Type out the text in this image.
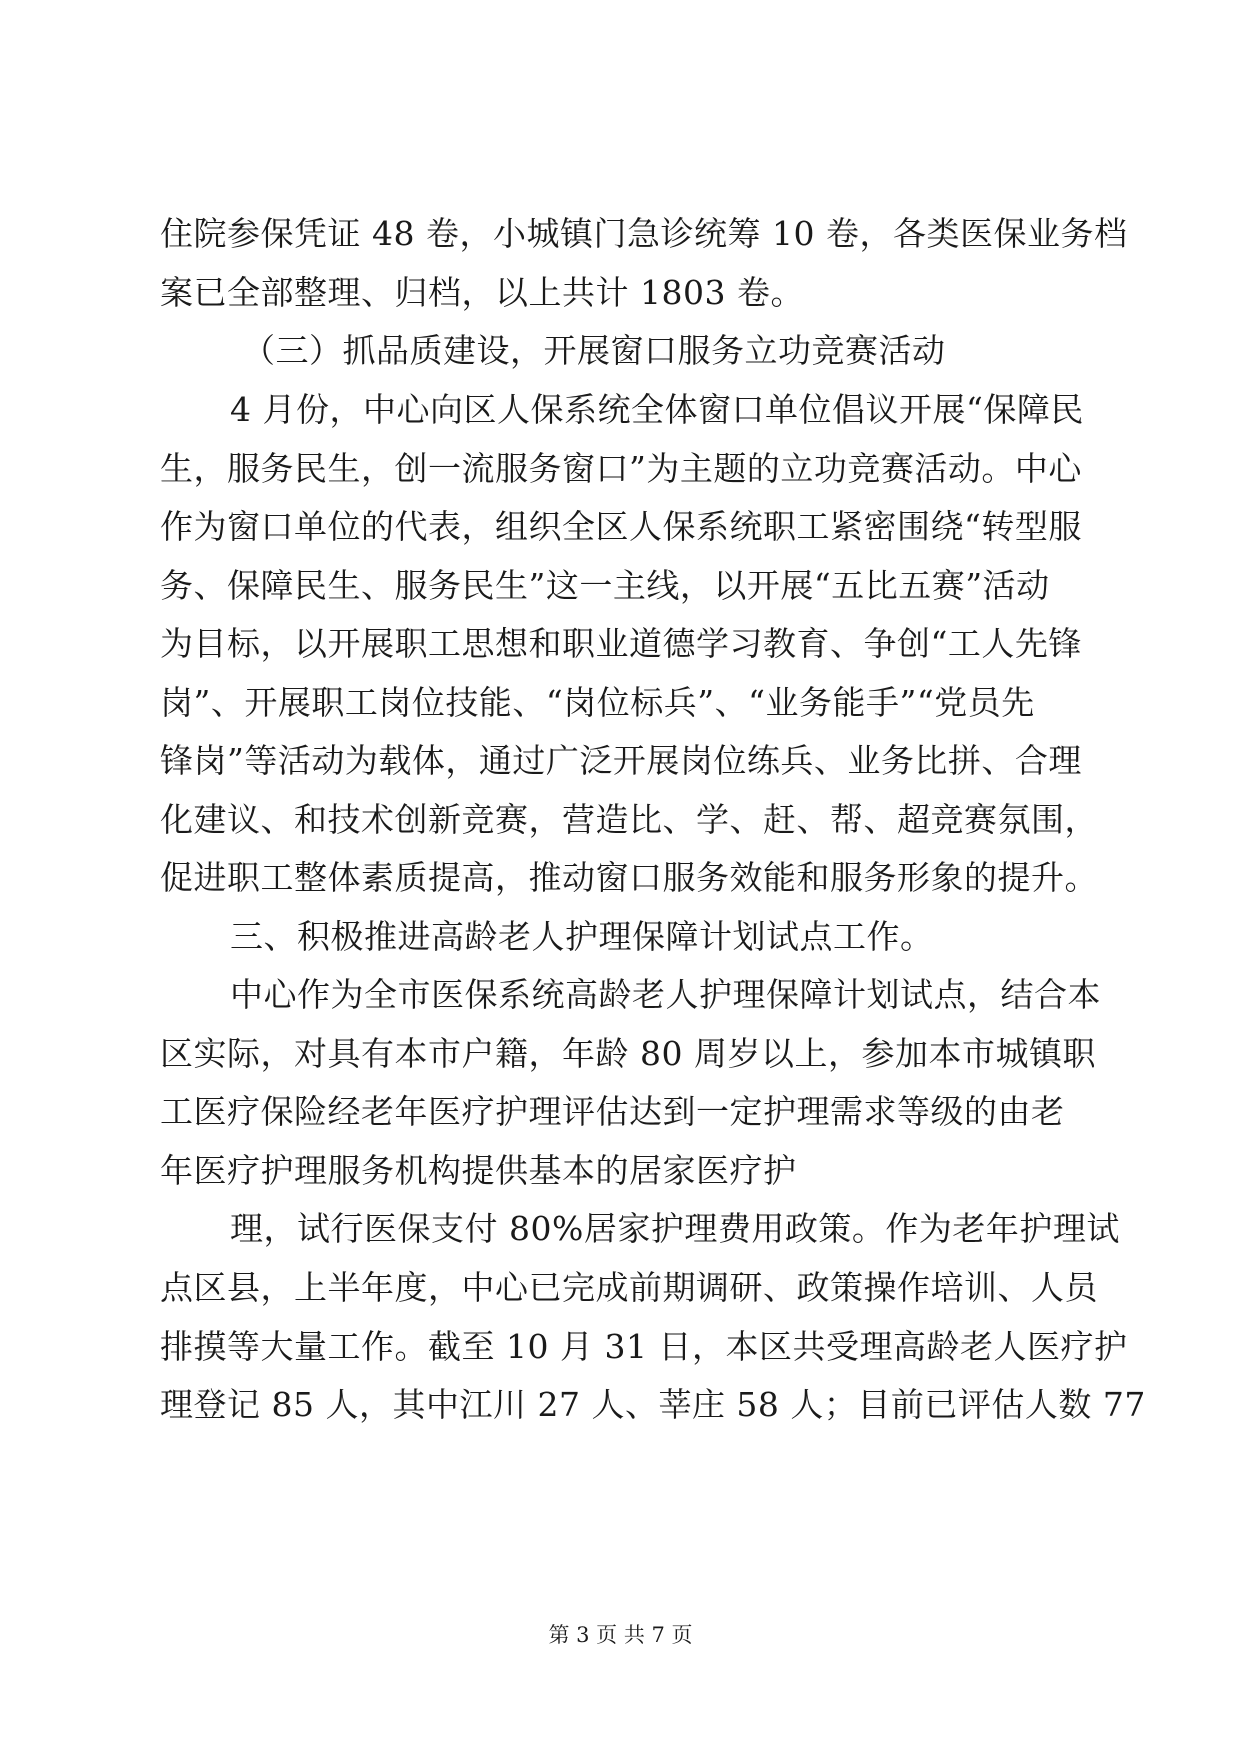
住院参保凭证 48 卷，小城镇门急诊统筹 10 卷，各类医保业务档

案已全部整理、归档，以上共计 1803 卷。

（三）抓品质建设，开展窗口服务立功竞赛活动

4 月份，中心向区人保系统全体窗口单位倡议开展“保障民

生，服务民生，创一流服务窗口”为主题的立功竞赛活动。中心

作为窗口单位的代表，组织全区人保系统职工紧密围绕“转型服

务、保障民生、服务民生”这一主线，以开展“五比五赛”活动

为目标，以开展职工思想和职业道德学习教育、争创“工人先锋

岗”、开展职工岗位技能、“岗位标兵”、“业务能手”“党员先

锋岗”等活动为载体，通过广泛开展岗位练兵、业务比拼、合理

化建议、和技术创新竞赛，营造比、学、赶、帮、超竞赛氛围，

促进职工整体素质提高，推动窗口服务效能和服务形象的提升。

三、积极推进高龄老人护理保障计划试点工作。

中心作为全市医保系统高龄老人护理保障计划试点，结合本

区实际，对具有本市户籍，年龄 80 周岁以上，参加本市城镇职

工医疗保险经老年医疗护理评估达到一定护理需求等级的由老

年医疗护理服务机构提供基本的居家医疗护

理，试行医保支付 80%居家护理费用政策。作为老年护理试

点区县，上半年度，中心已完成前期调研、政策操作培训、人员

排摸等大量工作。截至 10 月 31 日，本区共受理高龄老人医疗护

理登记 85 人，其中江川 27 人、莘庄 58 人；目前已评估人数 77

第 3 页 共 7 页
